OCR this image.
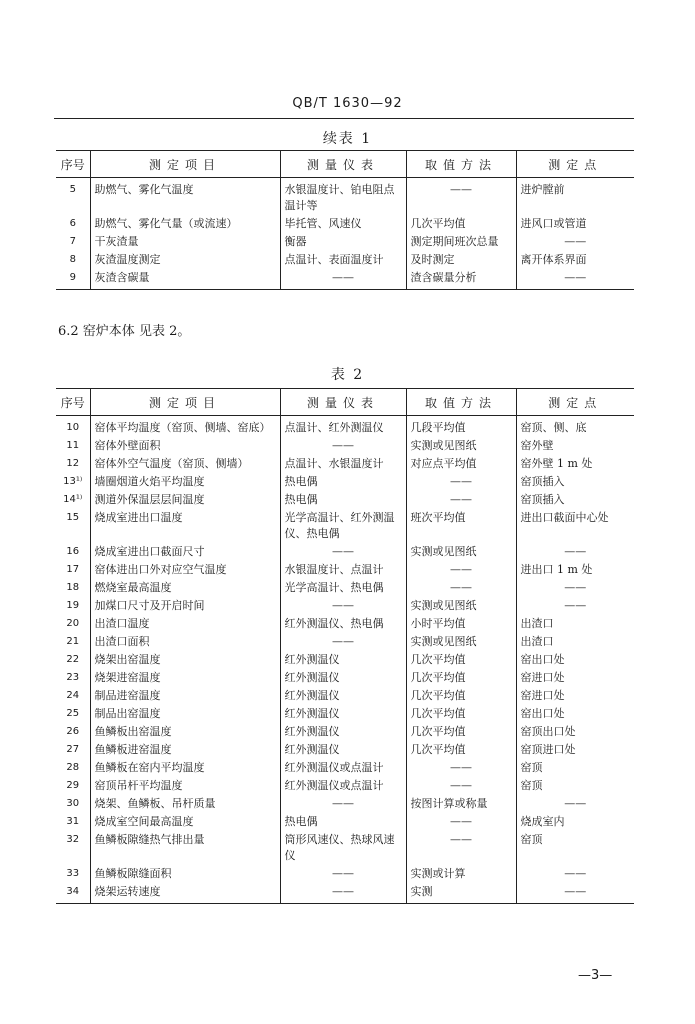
QB/T 1630—92
续表 1
序号	测定项目	测量仪表	取值方法	测定点
5	助燃气、雾化气温度	水银温度计、铂电阻点温计等	——	进炉膛前
6	助燃气、雾化气量（或流速）	毕托管、风速仪	几次平均值	进风口或管道
7	干灰渣量	衡器	测定期间班次总量	——
8	灰渣温度测定	点温计、表面温度计	及时测定	离开体系界面
9	灰渣含碳量	——	渣含碳量分析	——
6.2 窑炉本体 见表 2。
表 2
序号	测定项目	测量仪表	取值方法	测定点
10	窑体平均温度（窑顶、侧墙、窑底）	点温计、红外测温仪	几段平均值	窑顶、侧、底
11	窑体外壁面积	——	实测或见图纸	窑外壁
12	窑体外空气温度（窑顶、侧墙）	点温计、水银温度计	对应点平均值	窑外壁 1 m 处
13¹⁾	墙圈烟道火焰平均温度	热电偶	——	窑顶插入
14¹⁾	测道外保温层层间温度	热电偶	——	窑顶插入
15	烧成室进出口温度	光学高温计、红外测温仪、热电偶	班次平均值	进出口截面中心处
16	烧成室进出口截面尺寸	——	实测或见图纸	——
17	窑体进出口外对应空气温度	水银温度计、点温计	——	进出口 1 m 处
18	燃烧室最高温度	光学高温计、热电偶	——	——
19	加煤口尺寸及开启时间	——	实测或见图纸	——
20	出渣口温度	红外测温仪、热电偶	小时平均值	出渣口
21	出渣口面积	——	实测或见图纸	出渣口
22	烧架出窑温度	红外测温仪	几次平均值	窑出口处
23	烧架进窑温度	红外测温仪	几次平均值	窑进口处
24	制品进窑温度	红外测温仪	几次平均值	窑进口处
25	制品出窑温度	红外测温仪	几次平均值	窑出口处
26	鱼鳞板出窑温度	红外测温仪	几次平均值	窑顶出口处
27	鱼鳞板进窑温度	红外测温仪	几次平均值	窑顶进口处
28	鱼鳞板在窑内平均温度	红外测温仪或点温计	——	窑顶
29	窑顶吊杆平均温度	红外测温仪或点温计	——	窑顶
30	烧架、鱼鳞板、吊杆质量	——	按图计算或称量	——
31	烧成室空间最高温度	热电偶	——	烧成室内
32	鱼鳞板隙缝热气排出量	筒形风速仪、热球风速仪	——	窑顶
33	鱼鳞板隙缝面积	——	实测或计算	——
34	烧架运转速度	——	实测	——
—3—
